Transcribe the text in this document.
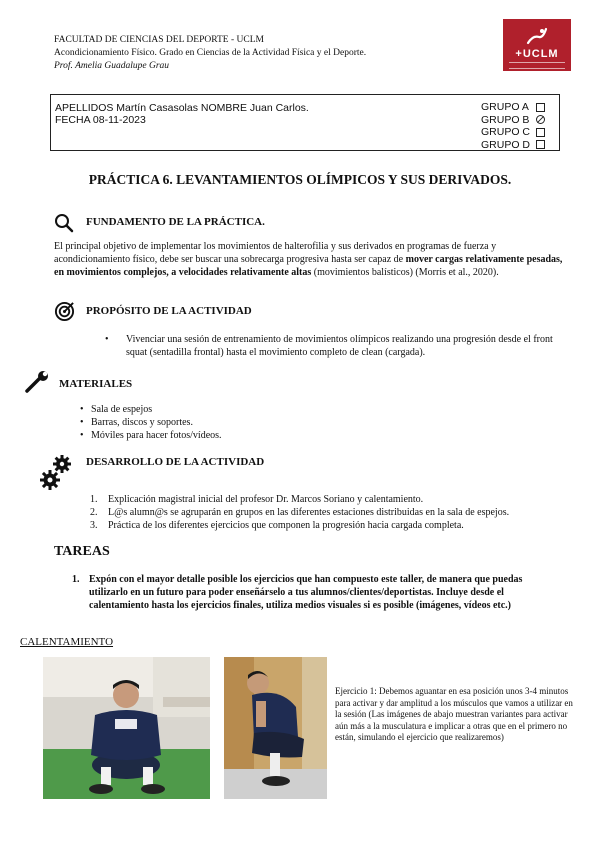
FACULTAD DE CIENCIAS DEL DEPORTE - UCLM
Acondicionamiento Físico. Grado en Ciencias de la Actividad Física y el Deporte.
Prof. Amelia Guadalupe Grau
+UCLM
APELLIDOS Martín Casasolas NOMBRE Juan Carlos.
FECHA 08-11-2023
GRUPO A
GRUPO B
GRUPO C
GRUPO D
PRÁCTICA 6. LEVANTAMIENTOS OLÍMPICOS Y SUS DERIVADOS.
FUNDAMENTO DE LA PRÁCTICA.
El principal objetivo de implementar los movimientos de halterofilia y sus derivados en programas de fuerza y acondicionamiento físico, debe ser buscar una sobrecarga progresiva hasta ser capaz de mover cargas relativamente pesadas, en movimientos complejos, a velocidades relativamente altas (movimientos balísticos) (Morris et al., 2020).
PROPÓSITO DE LA ACTIVIDAD
•	Vivenciar una sesión de entrenamiento de movimientos olímpicos realizando una progresión desde el front squat (sentadilla frontal) hasta el movimiento completo de clean (cargada).
MATERIALES
• Sala de espejos
• Barras, discos y soportes.
• Móviles para hacer fotos/vídeos.
DESARROLLO DE LA ACTIVIDAD
1. Explicación magistral inicial del profesor Dr. Marcos Soriano y calentamiento.
2. L@s alumn@s se agruparán en grupos en las diferentes estaciones distribuidas en la sala de espejos.
3. Práctica de los diferentes ejercicios que componen la progresión hacia cargada completa.
TAREAS
1. Expón con el mayor detalle posible los ejercicios que han compuesto este taller, de manera que puedas utilizarlo en un futuro para poder enseñárselo a tus alumnos/clientes/deportistas. Incluye desde el calentamiento hasta los ejercicios finales, utiliza medios visuales si es posible (imágenes, vídeos etc.)
CALENTAMIENTO
Ejercicio 1: Debemos aguantar en esa posición unos 3-4 minutos para activar y dar amplitud a los músculos que vamos a utilizar en la sesión (Las imágenes de abajo muestran variantes para activar aún más a la musculatura e implicar a otras que en el primero no están, simulando el ejercicio que realizaremos)
